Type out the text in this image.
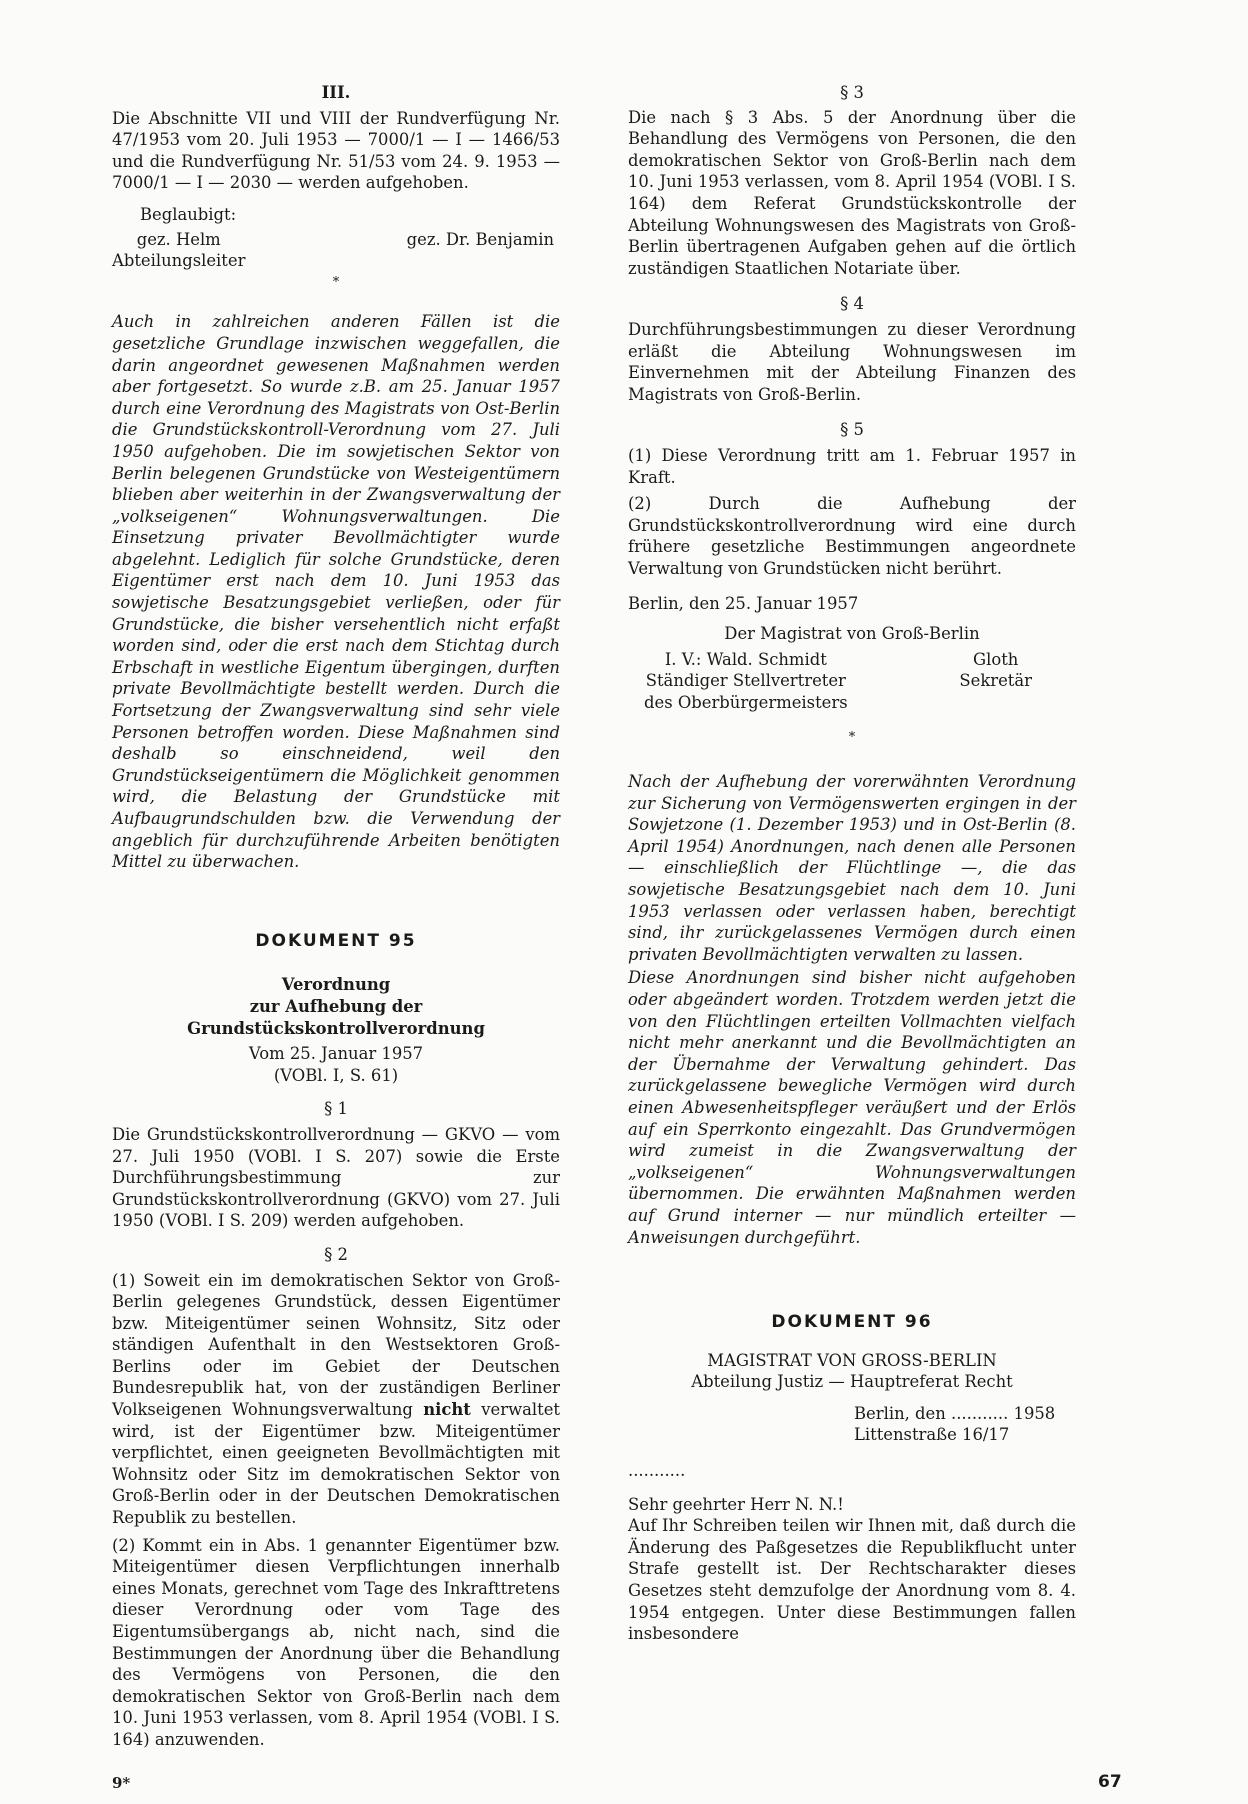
III.

Die Abschnitte VII und VIII der Rundverfügung Nr. 47/1953 vom 20. Juli 1953 — 7000/1 — I — 1466/53 und die Rundverfügung Nr. 51/53 vom 24. 9. 1953 — 7000/1 — I — 2030 — werden aufgehoben.

Beglaubigt:
gez. Helm
Abteilungsleiter
gez. Dr. Benjamin
*

Auch in zahlreichen anderen Fällen ist die gesetzliche Grundlage inzwischen weggefallen, die darin angeordnet gewesenen Maßnahmen werden aber fortgesetzt. So wurde z.B. am 25. Januar 1957 durch eine Verordnung des Magistrats von Ost-Berlin die Grundstückskontroll-Verordnung vom 27. Juli 1950 aufgehoben. Die im sowjetischen Sektor von Berlin belegenen Grundstücke von Westeigentümern blieben aber weiterhin in der Zwangsverwaltung der „volkseigenen“ Wohnungsverwaltungen. Die Einsetzung privater Bevollmächtigter wurde abgelehnt. Lediglich für solche Grundstücke, deren Eigentümer erst nach dem 10. Juni 1953 das sowjetische Besatzungsgebiet verließen, oder für Grundstücke, die bisher versehentlich nicht erfaßt worden sind, oder die erst nach dem Stichtag durch Erbschaft in westliche Eigentum übergingen, durften private Bevollmächtigte bestellt werden. Durch die Fortsetzung der Zwangsverwaltung sind sehr viele Personen betroffen worden. Diese Maßnahmen sind deshalb so einschneidend, weil den Grundstückseigentümern die Möglichkeit genommen wird, die Belastung der Grundstücke mit Aufbaugrundschulden bzw. die Verwendung der angeblich für durchzuführende Arbeiten benötigten Mittel zu überwachen.

DOKUMENT 95
Verordnung
zur Aufhebung der Grundstückskontrollverordnung
Vom 25. Januar 1957
(VOBl. I, S. 61)
§ 1

Die Grundstückskontrollverordnung — GKVO — vom 27. Juli 1950 (VOBl. I S. 207) sowie die Erste Durchführungsbestimmung zur Grundstückskontrollverordnung (GKVO) vom 27. Juli 1950 (VOBl. I S. 209) werden aufgehoben.

§ 2

(1) Soweit ein im demokratischen Sektor von Groß-Berlin gelegenes Grundstück, dessen Eigentümer bzw. Miteigentümer seinen Wohnsitz, Sitz oder ständigen Aufenthalt in den Westsektoren Groß-Berlins oder im Gebiet der Deutschen Bundesrepublik hat, von der zuständigen Berliner Volkseigenen Wohnungsverwaltung nicht verwaltet wird, ist der Eigentümer bzw. Miteigentümer verpflichtet, einen geeigneten Bevollmächtigten mit Wohnsitz oder Sitz im demokratischen Sektor von Groß-Berlin oder in der Deutschen Demokratischen Republik zu bestellen.

(2) Kommt ein in Abs. 1 genannter Eigentümer bzw. Miteigentümer diesen Verpflichtungen innerhalb eines Monats, gerechnet vom Tage des Inkrafttretens dieser Verordnung oder vom Tage des Eigentumsübergangs ab, nicht nach, sind die Bestimmungen der Anordnung über die Behandlung des Vermögens von Personen, die den demokratischen Sektor von Groß-Berlin nach dem 10. Juni 1953 verlassen, vom 8. April 1954 (VOBl. I S. 164) anzuwenden.

§ 3

Die nach § 3 Abs. 5 der Anordnung über die Behandlung des Vermögens von Personen, die den demokratischen Sektor von Groß-Berlin nach dem 10. Juni 1953 verlassen, vom 8. April 1954 (VOBl. I S. 164) dem Referat Grundstückskontrolle der Abteilung Wohnungswesen des Magistrats von Groß-Berlin übertragenen Aufgaben gehen auf die örtlich zuständigen Staatlichen Notariate über.

§ 4

Durchführungsbestimmungen zu dieser Verordnung erläßt die Abteilung Wohnungswesen im Einvernehmen mit der Abteilung Finanzen des Magistrats von Groß-Berlin.

§ 5

(1) Diese Verordnung tritt am 1. Februar 1957 in Kraft.

(2) Durch die Aufhebung der Grundstückskontrollverordnung wird eine durch frühere gesetzliche Bestimmungen angeordnete Verwaltung von Grundstücken nicht berührt.

Berlin, den 25. Januar 1957
Der Magistrat von Groß-Berlin
I. V.: Wald. Schmidt
Ständiger Stellvertreter
des Oberbürgermeisters
Gloth
Sekretär
*

Nach der Aufhebung der vorerwähnten Verordnung zur Sicherung von Vermögenswerten ergingen in der Sowjetzone (1. Dezember 1953) und in Ost-Berlin (8. April 1954) Anordnungen, nach denen alle Personen — einschließlich der Flüchtlinge —, die das sowjetische Besatzungsgebiet nach dem 10. Juni 1953 verlassen oder verlassen haben, berechtigt sind, ihr zurückgelassenes Vermögen durch einen privaten Bevollmächtigten verwalten zu lassen.

Diese Anordnungen sind bisher nicht aufgehoben oder abgeändert worden. Trotzdem werden jetzt die von den Flüchtlingen erteilten Vollmachten vielfach nicht mehr anerkannt und die Bevollmächtigten an der Übernahme der Verwaltung gehindert. Das zurückgelassene bewegliche Vermögen wird durch einen Abwesenheitspfleger veräußert und der Erlös auf ein Sperrkonto eingezahlt. Das Grundvermögen wird zumeist in die Zwangsverwaltung der „volkseigenen“ Wohnungsverwaltungen übernommen. Die erwähnten Maßnahmen werden auf Grund interner — nur mündlich erteilter — Anweisungen durchgeführt.

DOKUMENT 96
MAGISTRAT VON GROSS-BERLIN
Abteilung Justiz — Hauptreferat Recht
Berlin, den ........... 1958
Littenstraße 16/17
...........
Sehr geehrter Herr N. N.!

Auf Ihr Schreiben teilen wir Ihnen mit, daß durch die Änderung des Paßgesetzes die Republikflucht unter Strafe gestellt ist. Der Rechtscharakter dieses Gesetzes steht demzufolge der Anordnung vom 8. 4. 1954 entgegen. Unter diese Bestimmungen fallen insbesondere

9*	67
